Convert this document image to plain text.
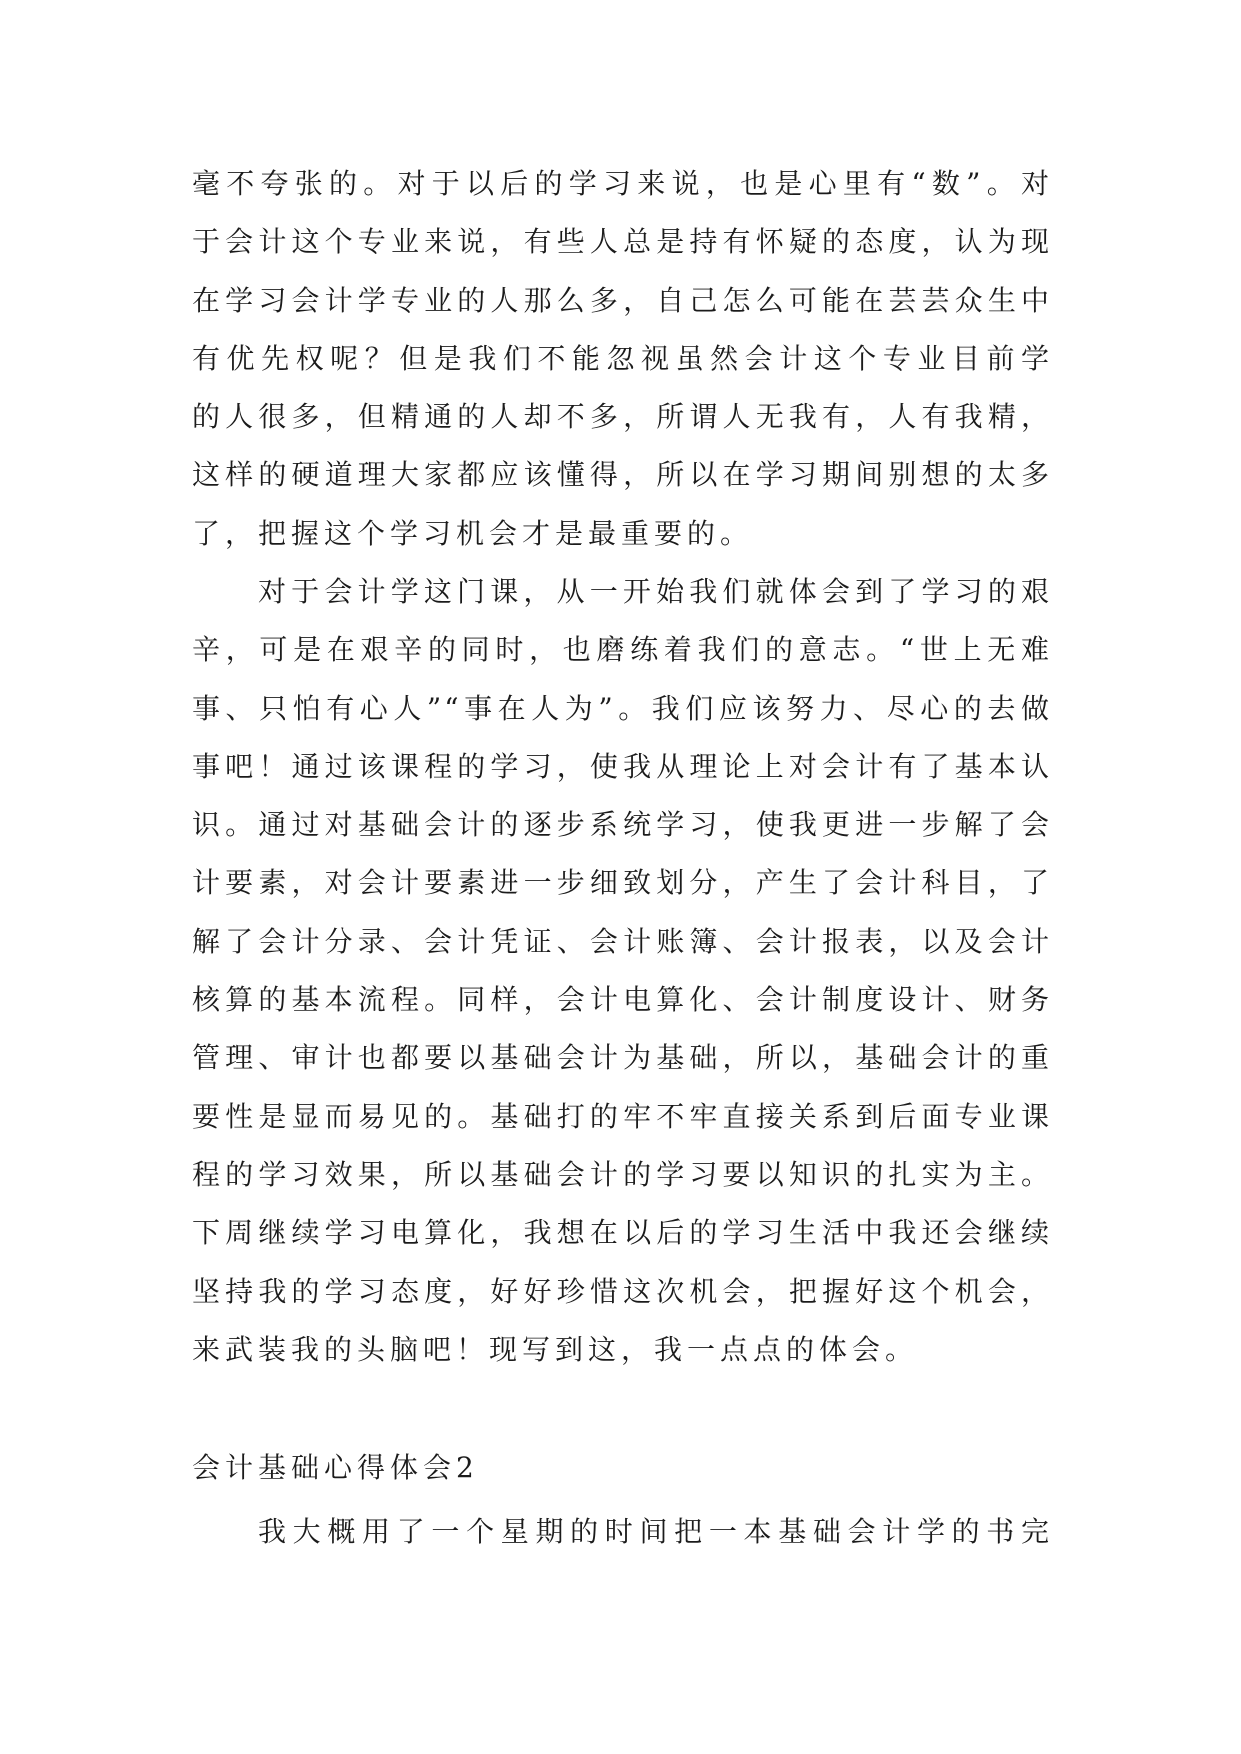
毫不夸张的。对于以后的学习来说，也是心里有“数”。对
于会计这个专业来说，有些人总是持有怀疑的态度，认为现
在学习会计学专业的人那么多，自己怎么可能在芸芸众生中
有优先权呢？但是我们不能忽视虽然会计这个专业目前学
的人很多，但精通的人却不多，所谓人无我有，人有我精，
这样的硬道理大家都应该懂得，所以在学习期间别想的太多
了，把握这个学习机会才是最重要的。
对于会计学这门课，从一开始我们就体会到了学习的艰
辛，可是在艰辛的同时，也磨练着我们的意志。“世上无难
事、只怕有心人”“事在人为”。我们应该努力、尽心的去做
事吧！通过该课程的学习，使我从理论上对会计有了基本认
识。通过对基础会计的逐步系统学习，使我更进一步解了会
计要素，对会计要素进一步细致划分，产生了会计科目，了
解了会计分录、会计凭证、会计账簿、会计报表，以及会计
核算的基本流程。同样，会计电算化、会计制度设计、财务
管理、审计也都要以基础会计为基础，所以，基础会计的重
要性是显而易见的。基础打的牢不牢直接关系到后面专业课
程的学习效果，所以基础会计的学习要以知识的扎实为主。
下周继续学习电算化，我想在以后的学习生活中我还会继续
坚持我的学习态度，好好珍惜这次机会，把握好这个机会，
来武装我的头脑吧！现写到这，我一点点的体会。
会计基础心得体会2
我大概用了一个星期的时间把一本基础会计学的书完
